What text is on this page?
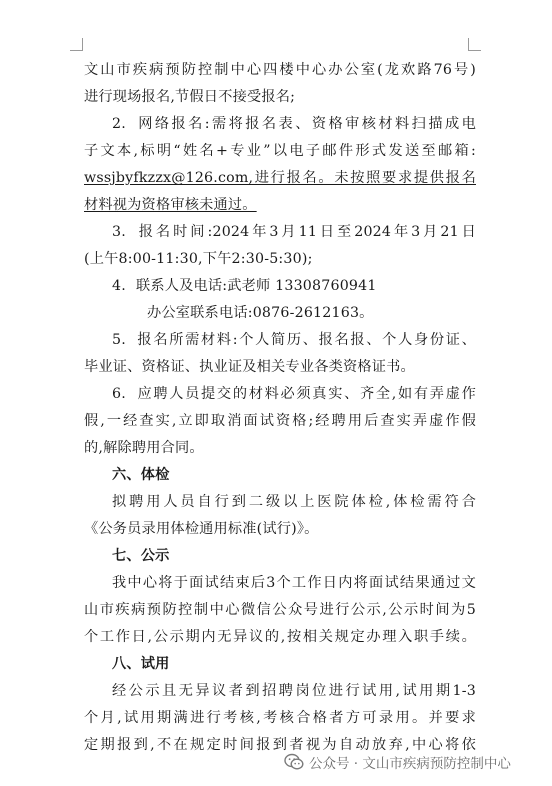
文山市疾病预防控制中心四楼中心办公室(龙欢路76号)
进行现场报名,节假日不接受报名;
2. 网络报名:需将报名表、资格审核材料扫描成电
子文本,标明“姓名+专业”以电子邮件形式发送至邮箱:
wssjbyfkzzx@126.com,进行报名。未按照要求提供报名
材料视为资格审核未通过。
3. 报名时间:2024年3月11日至2024年3月21日
(上午8:00-11:30,下午2:30-5:30);
4. 联系人及电话:武老师 13308760941
办公室联系电话:0876-2612163。
5. 报名所需材料:个人简历、报名报、个人身份证、
毕业证、资格证、执业证及相关专业各类资格证书。
6. 应聘人员提交的材料必须真实、齐全,如有弄虚作
假,一经查实,立即取消面试资格;经聘用后查实弄虚作假
的,解除聘用合同。
六、体检
拟聘用人员自行到二级以上医院体检,体检需符合
《公务员录用体检通用标准(试行)》。
七、公示
我中心将于面试结束后3个工作日内将面试结果通过文
山市疾病预防控制中心微信公众号进行公示,公示时间为5
个工作日,公示期内无异议的,按相关规定办理入职手续。
八、试用
经公示且无异议者到招聘岗位进行试用,试用期1-3
个月,试用期满进行考核,考核合格者方可录用。并要求
定期报到,不在规定时间报到者视为自动放弃,中心将依
公众号 · 文山市疾病预防控制中心
